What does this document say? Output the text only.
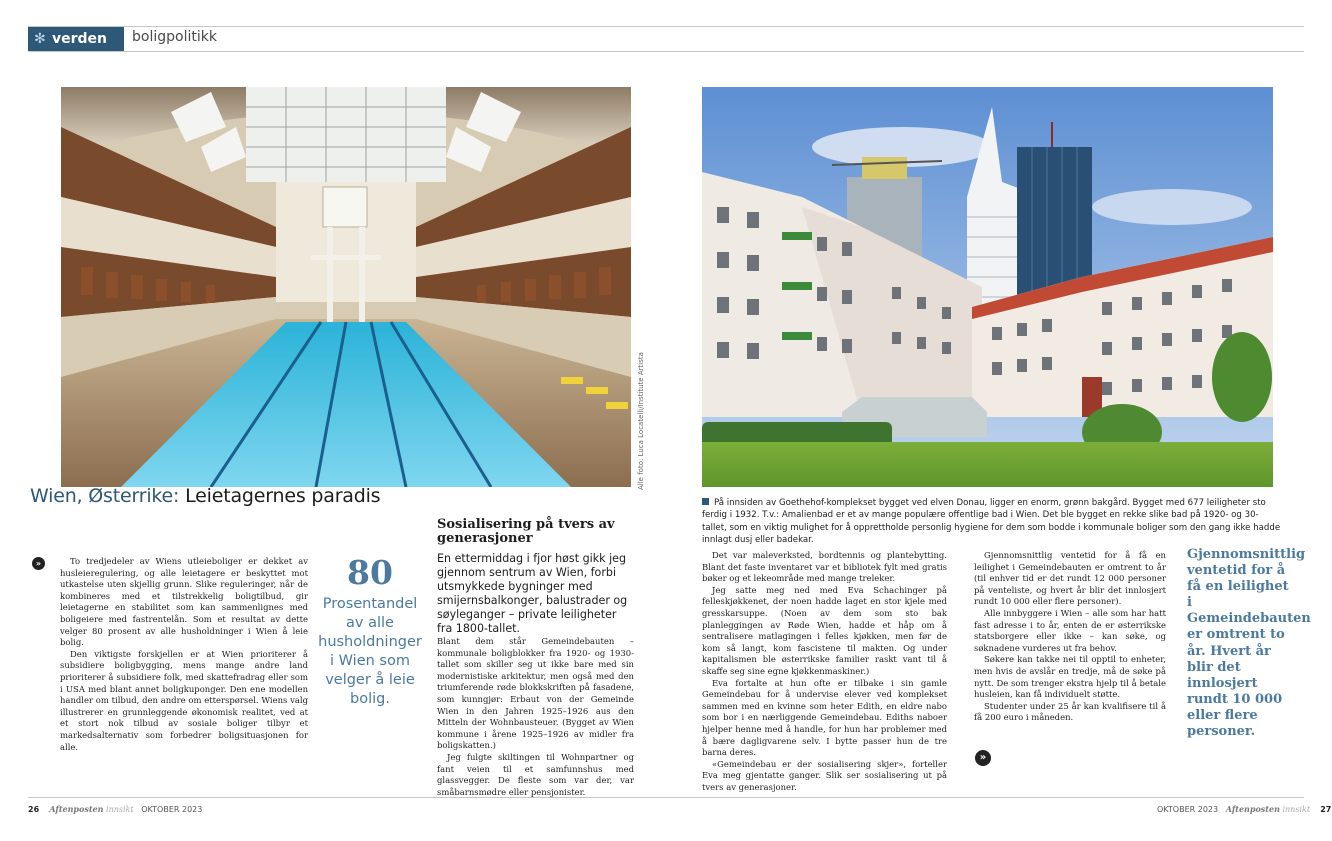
✻ verden	boligpolitikk
Alle foto: Luca Locatelli/Institute Artista
Wien, Østerrike: Leietagernes paradis	På innsiden av Goethehof-komplekset bygget ved elven Donau, ligger en enorm, grønn bakgård. Bygget med 677 leiligheter sto ferdig i 1932. T.v.: Amalienbad er et av mange populære offentlige bad i Wien. Det ble bygget en rekke slike bad på 1920- og 30-tallet, som en viktig mulighet for å opprettholde personlig hygiene for dem som bodde i kommunale boliger som den gang ikke hadde innlagt dusj eller badekar.
»	To tredjedeler av Wiens utleieboliger er dekket av husleieregulering, og alle leietagere er beskyttet mot utkastelse uten skjellig grunn. Slike reguleringer, når de kombineres med et tilstrekkelig boligtilbud, gir leietagerne en stabilitet som kan sammenlignes med boligeiere med fastrentelån. Som et resultat av dette velger 80 prosent av alle husholdninger i Wien å leie bolig.

Den viktigste forskjellen er at Wien prioriterer å subsidiere boligbygging, mens mange andre land prioriterer å subsidiere folk, med skattefradrag eller som i USA med blant annet boligkuponger. Den ene modellen handler om tilbud, den andre om etterspørsel. Wiens valg illustrerer en grunnleggende økonomisk realitet, ved at et stort nok tilbud av sosiale boliger tilbyr et markedsalternativ som forbedrer boligsituasjonen for alle.

80
Prosentandel av alle husholdninger i Wien som velger å leie bolig.
Sosialisering på tvers av generasjoner
En ettermiddag i fjor høst gikk jeg gjennom sentrum av Wien, forbi utsmykkede bygninger med smijernsbalkonger, balustrader og søyleganger – private leiligheter fra 1800-tallet.

Blant dem står Gemeindebauten – kommunale boligblokker fra 1920- og 1930-tallet som skiller seg ut ikke bare med sin modernistiske arkitektur, men også med den triumferende røde blokkskriften på fasadene, som kunngjør: Erbaut von der Gemeinde Wien in den Jahren 1925–1926 aus den Mitteln der Wohnbausteuer. (Bygget av Wien kommune i årene 1925–1926 av midler fra boligskatten.)

Jeg fulgte skiltingen til Wohnpartner og fant veien til et samfunnshus med glassvegger. De fleste som var der, var småbarnsmødre eller pensjonister.

Det var maleverksted, bordtennis og plantebytting. Blant det faste inventaret var et bibliotek fylt med gratis bøker og et lekeområde med mange treleker.

Jeg satte meg ned med Eva Schachinger på felleskjøkkenet, der noen hadde laget en stor kjele med gresskarsuppe. (Noen av dem som sto bak planleggingen av Røde Wien, hadde et håp om å sentralisere matlagingen i felles kjøkken, men før de kom så langt, kom fascistene til makten. Og under kapitalismen ble østerrikske familier raskt vant til å skaffe seg sine egne kjøkkenmaskiner.)

Eva fortalte at hun ofte er tilbake i sin gamle Gemeindebau for å undervise elever ved komplekset sammen med en kvinne som heter Edith, en eldre nabo som bor i en nærliggende Gemeindebau. Ediths naboer hjelper henne med å handle, for hun har problemer med å bære dagligvarene selv. I bytte passer hun de tre barna deres.

«Gemeindebau er der sosialisering skjer», forteller Eva meg gjentatte ganger. Slik ser sosialisering ut på tvers av generasjoner.

Gjennomsnittlig ventetid for å få en leilighet i Gemeindebauten er omtrent to år (til enhver tid er det rundt 12 000 personer på venteliste, og hvert år blir det innlosjert rundt 10 000 eller flere personer).

Alle innbyggere i Wien – alle som har hatt fast adresse i to år, enten de er østerrikske statsborgere eller ikke – kan søke, og søknadene vurderes ut fra behov.

Søkere kan takke nei til opptil to enheter, men hvis de avslår en tredje, må de søke på nytt. De som trenger ekstra hjelp til å betale husleien, kan få individuelt støtte.

Studenter under 25 år kan kvalifisere til å få 200 euro i måneden.

»
Gjennomsnittlig ventetid for å få en leilighet i Gemeindebauten er omtrent to år. Hvert år blir det innlosjert rundt 10 000 eller flere personer.
26 Aftenposten innsikt OKTOBER 2023	OKTOBER 2023 Aftenposten innsikt 27
